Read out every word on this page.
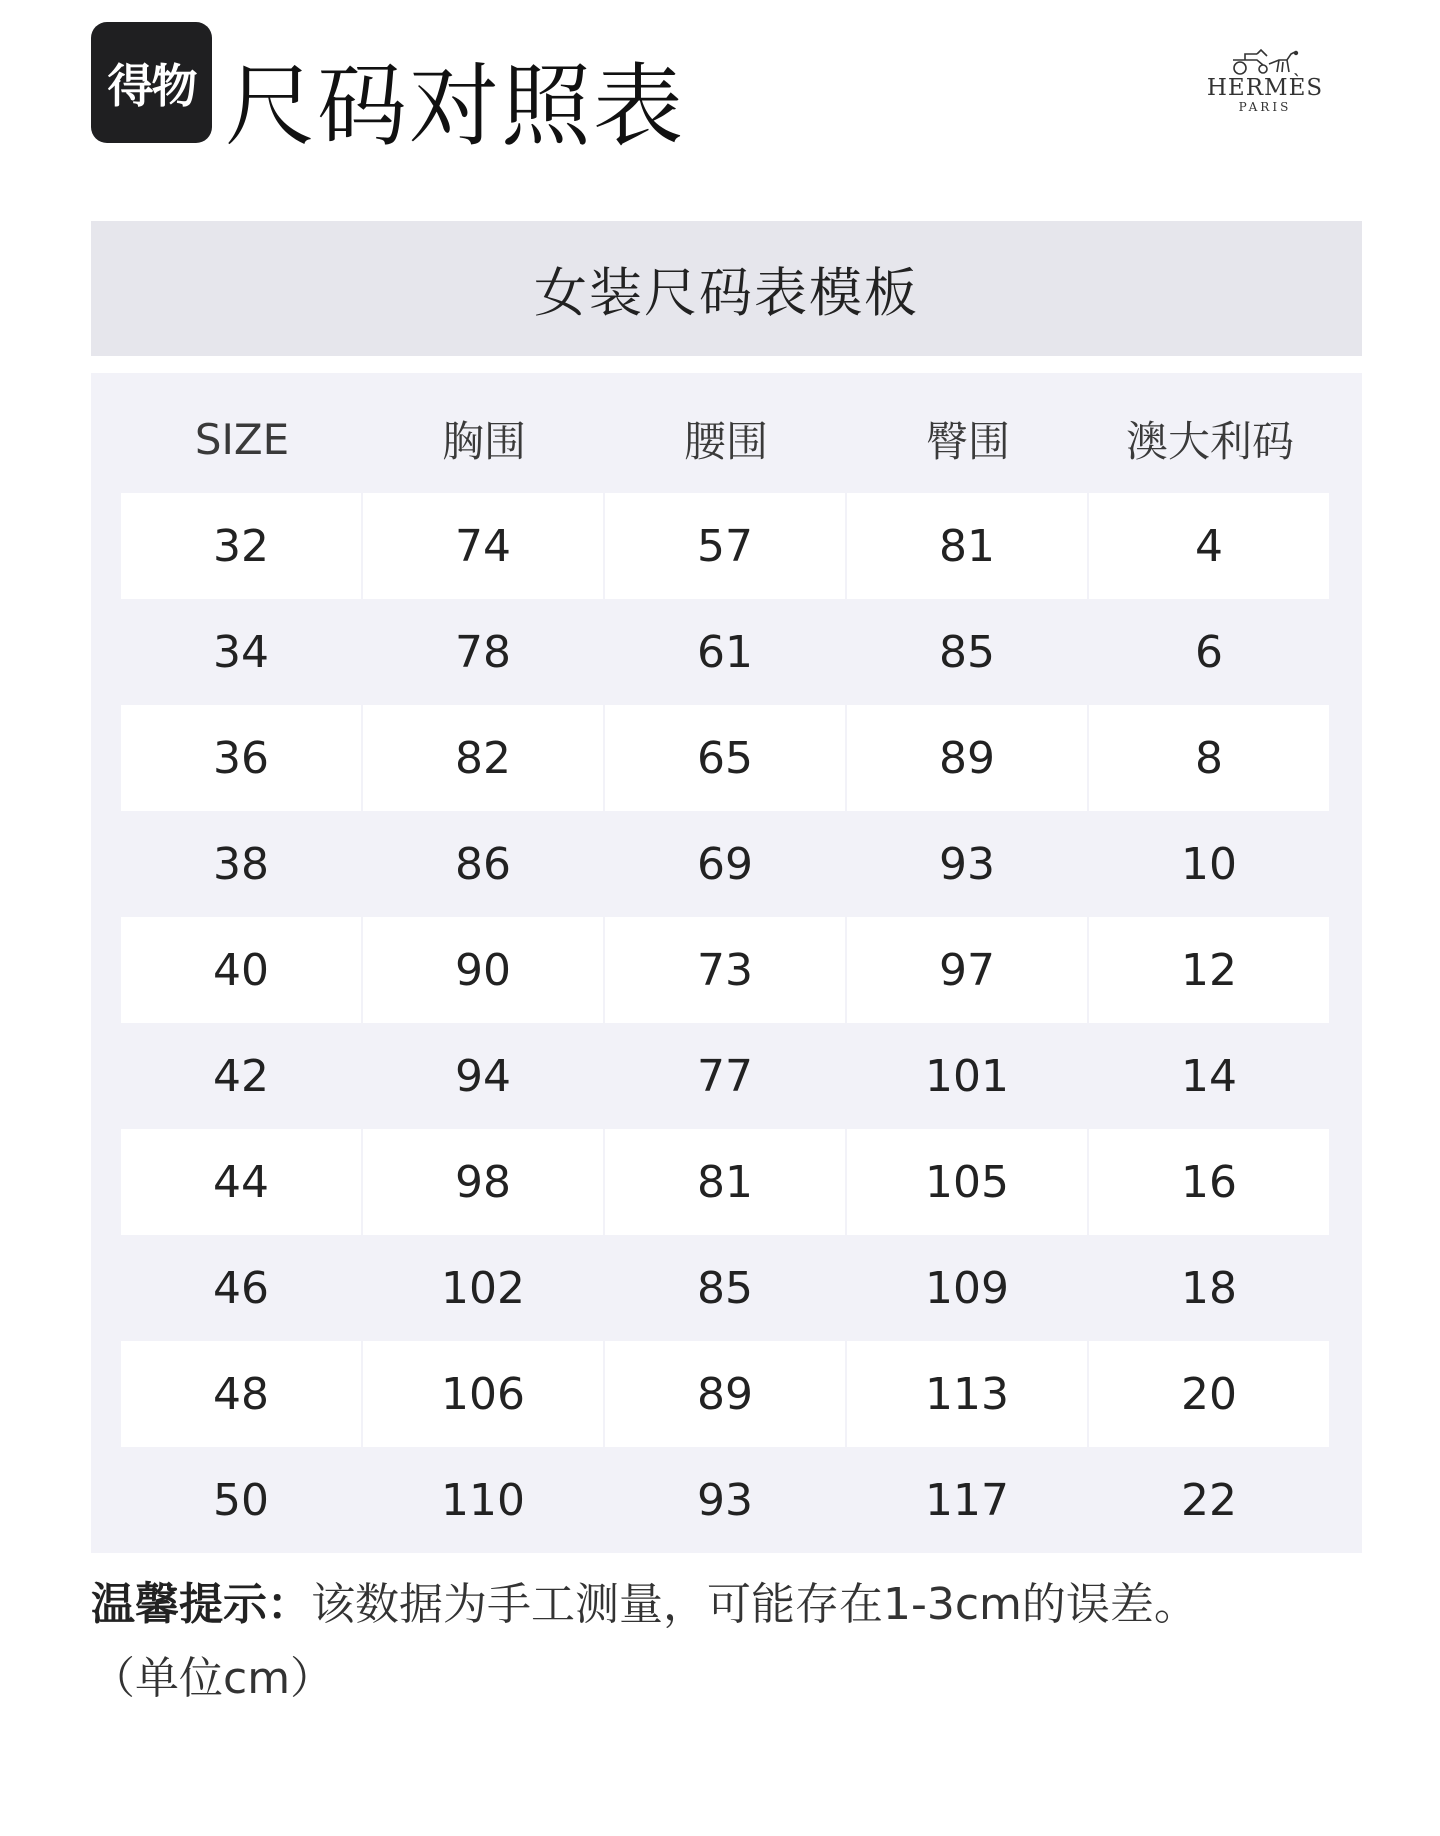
得物 尺码对照表	HERMÈS
PARIS
女装尺码表模板
SIZE	胸围	腰围	臀围	澳大利码
32	74	57	81	4
34	78	61	85	6
36	82	65	89	8
38	86	69	93	10
40	90	73	97	12
42	94	77	101	14
44	98	81	105	16
46	102	85	109	18
48	106	89	113	20
50	110	93	117	22
温馨提示：该数据为手工测量，可能存在1-3cm的误差。
（单位cm）
